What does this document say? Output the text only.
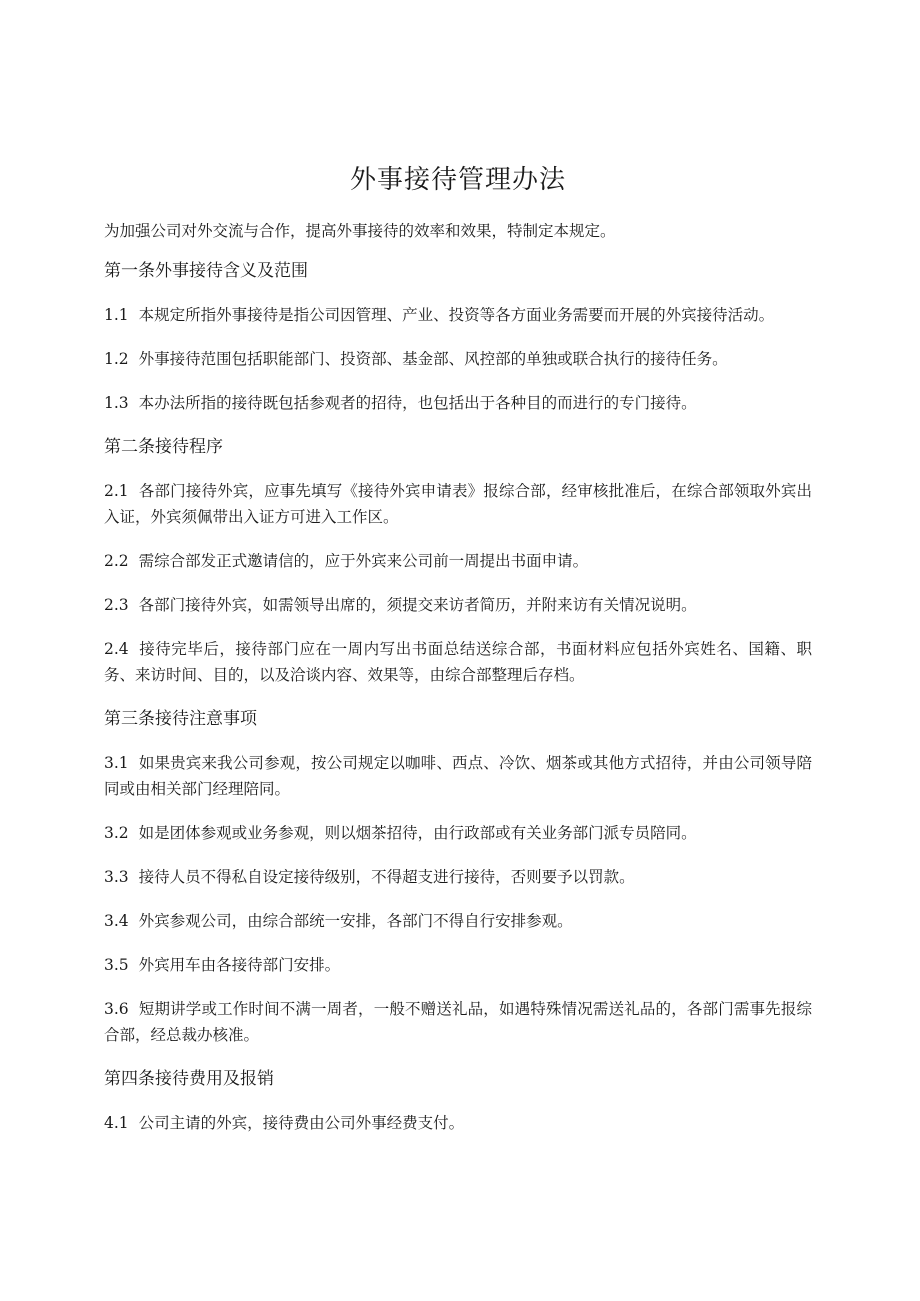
外事接待管理办法

为加强公司对外交流与合作，提高外事接待的效率和效果，特制定本规定。

第一条外事接待含义及范围

1.1 本规定所指外事接待是指公司因管理、产业、投资等各方面业务需要而开展的外宾接待活动。

1.2 外事接待范围包括职能部门、投资部、基金部、风控部的单独或联合执行的接待任务。

1.3 本办法所指的接待既包括参观者的招待，也包括出于各种目的而进行的专门接待。

第二条接待程序

2.1 各部门接待外宾，应事先填写《接待外宾申请表》报综合部，经审核批准后，在综合部领取外宾出入证，外宾须佩带出入证方可进入工作区。

2.2 需综合部发正式邀请信的，应于外宾来公司前一周提出书面申请。

2.3 各部门接待外宾，如需领导出席的，须提交来访者简历，并附来访有关情况说明。

2.4 接待完毕后，接待部门应在一周内写出书面总结送综合部，书面材料应包括外宾姓名、国籍、职务、来访时间、目的，以及洽谈内容、效果等，由综合部整理后存档。

第三条接待注意事项

3.1 如果贵宾来我公司参观，按公司规定以咖啡、西点、冷饮、烟茶或其他方式招待，并由公司领导陪同或由相关部门经理陪同。

3.2 如是团体参观或业务参观，则以烟茶招待，由行政部或有关业务部门派专员陪同。

3.3 接待人员不得私自设定接待级别，不得超支进行接待，否则要予以罚款。

3.4 外宾参观公司，由综合部统一安排，各部门不得自行安排参观。

3.5 外宾用车由各接待部门安排。

3.6 短期讲学或工作时间不满一周者，一般不赠送礼品，如遇特殊情况需送礼品的，各部门需事先报综合部，经总裁办核准。

第四条接待费用及报销

4.1 公司主请的外宾，接待费由公司外事经费支付。
